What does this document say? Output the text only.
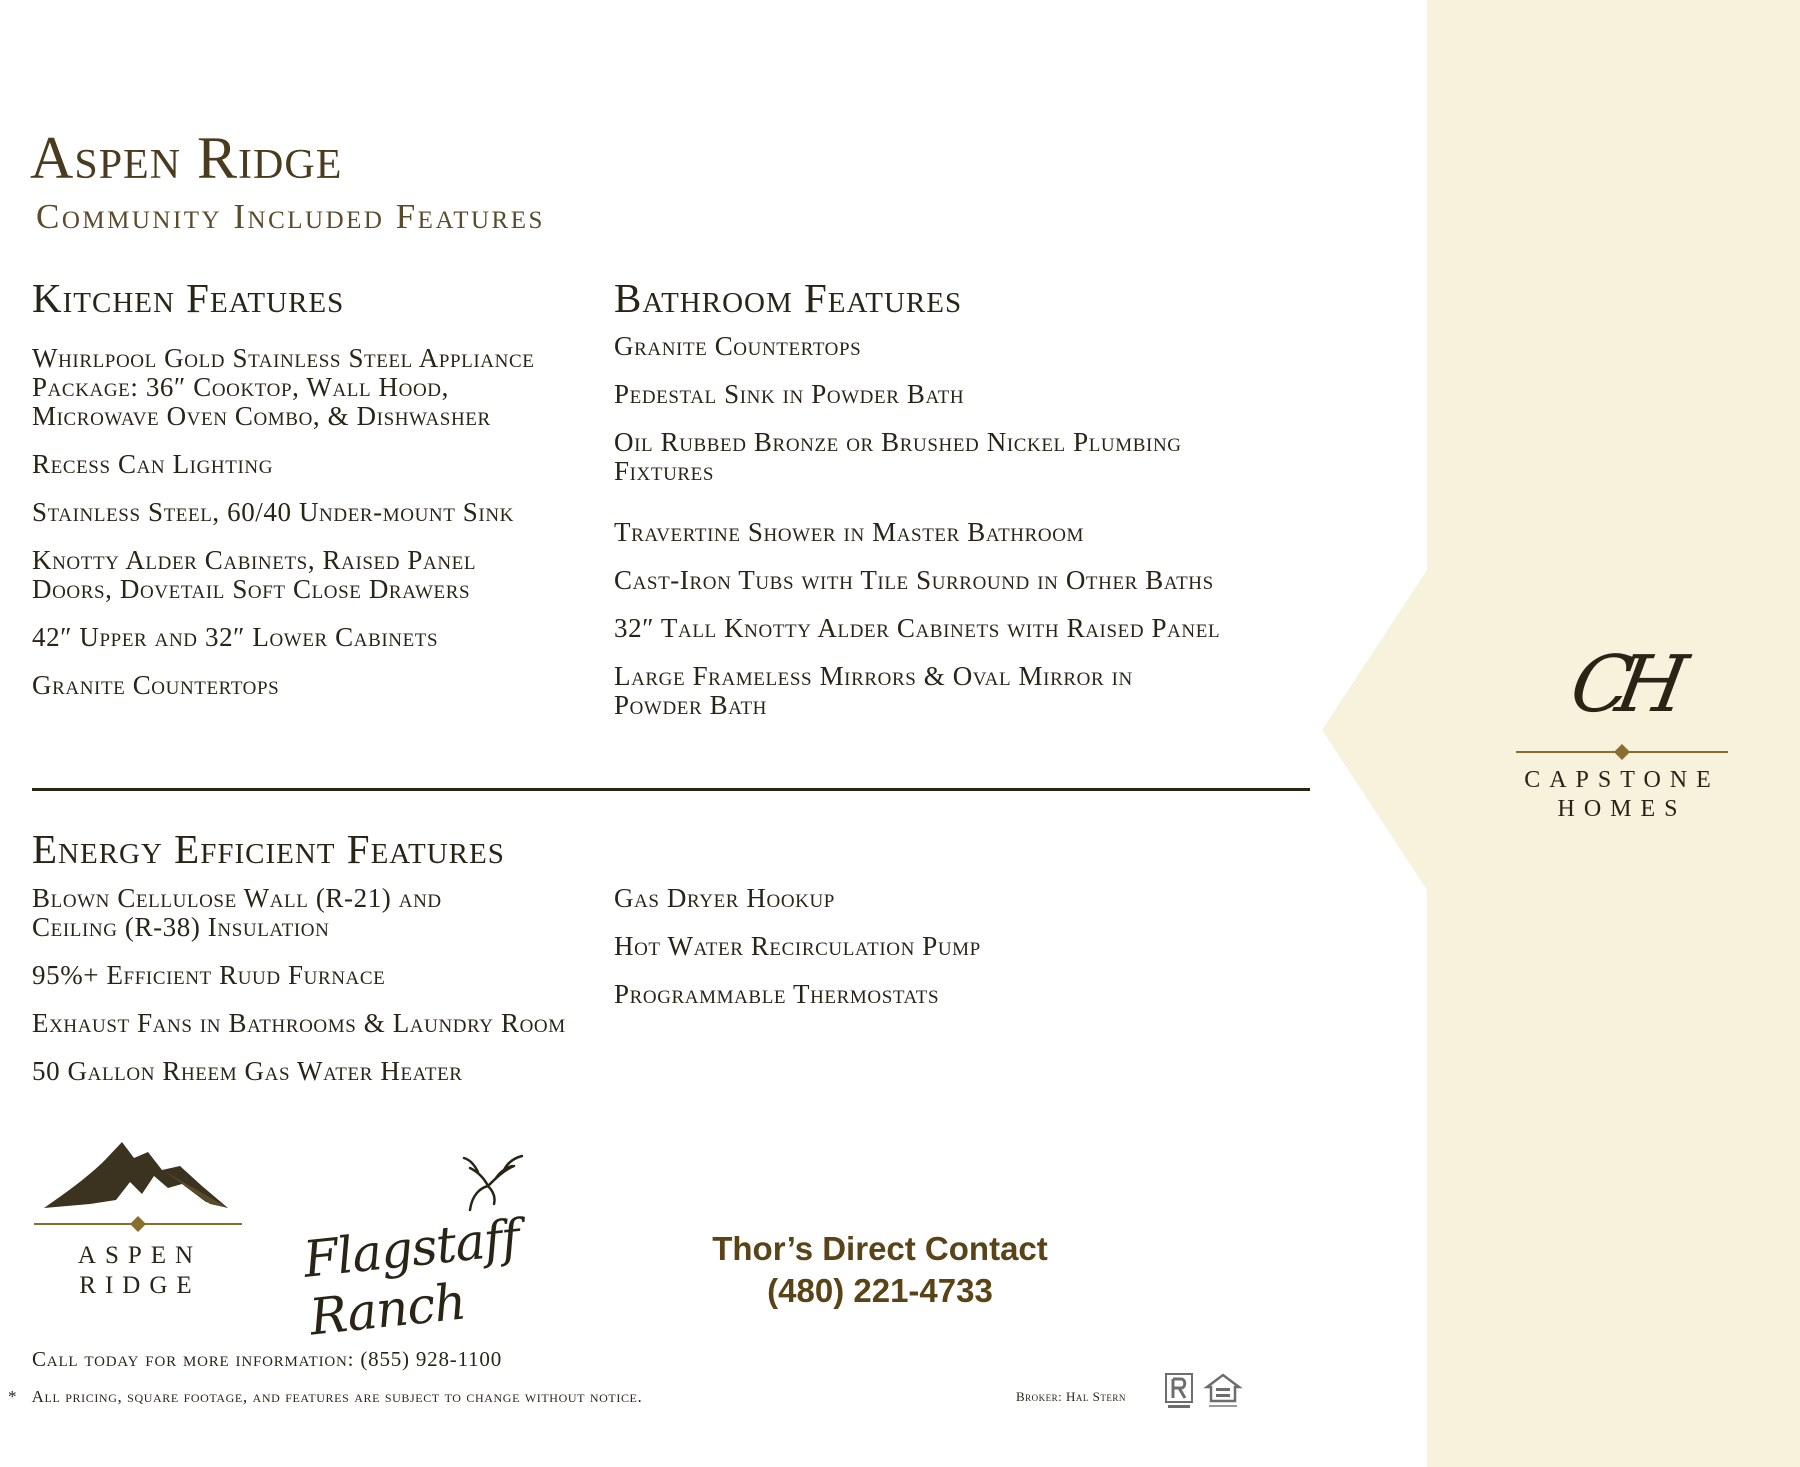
Aspen Ridge
Community Included Features
Kitchen Features
Whirlpool Gold Stainless Steel Appliance Package: 36″ Cooktop, Wall Hood, Microwave Oven Combo, & Dishwasher
Recess Can Lighting
Stainless Steel, 60/40 Under-mount Sink
Knotty Alder Cabinets, Raised Panel Doors, Dovetail Soft Close Drawers
42″ Upper and 32″ Lower Cabinets
Granite Countertops
Bathroom Features
Granite Countertops
Pedestal Sink in Powder Bath
Oil Rubbed Bronze or Brushed Nickel Plumbing Fixtures
Travertine Shower in Master Bathroom
Cast-Iron Tubs with Tile Surround in Other Baths
32″ Tall Knotty Alder Cabinets with Raised Panel
Large Frameless Mirrors & Oval Mirror in Powder Bath
Energy Efficient Features
Blown Cellulose Wall (R-21) and Ceiling (R-38) Insulation
95%+ Efficient Ruud Furnace
Exhaust Fans in Bathrooms & Laundry Room
50 Gallon Rheem Gas Water Heater
Gas Dryer Hookup
Hot Water Recirculation Pump
Programmable Thermostats
ASPEN
RIDGE	Flagstaff Ranch
Thor’s Direct Contact
(480) 221-4733
CH
CAPSTONE
HOMES
Call today for more information: (855) 928-1100
* All pricing, square footage, and features are subject to change without notice.	Broker: Hal Stern
